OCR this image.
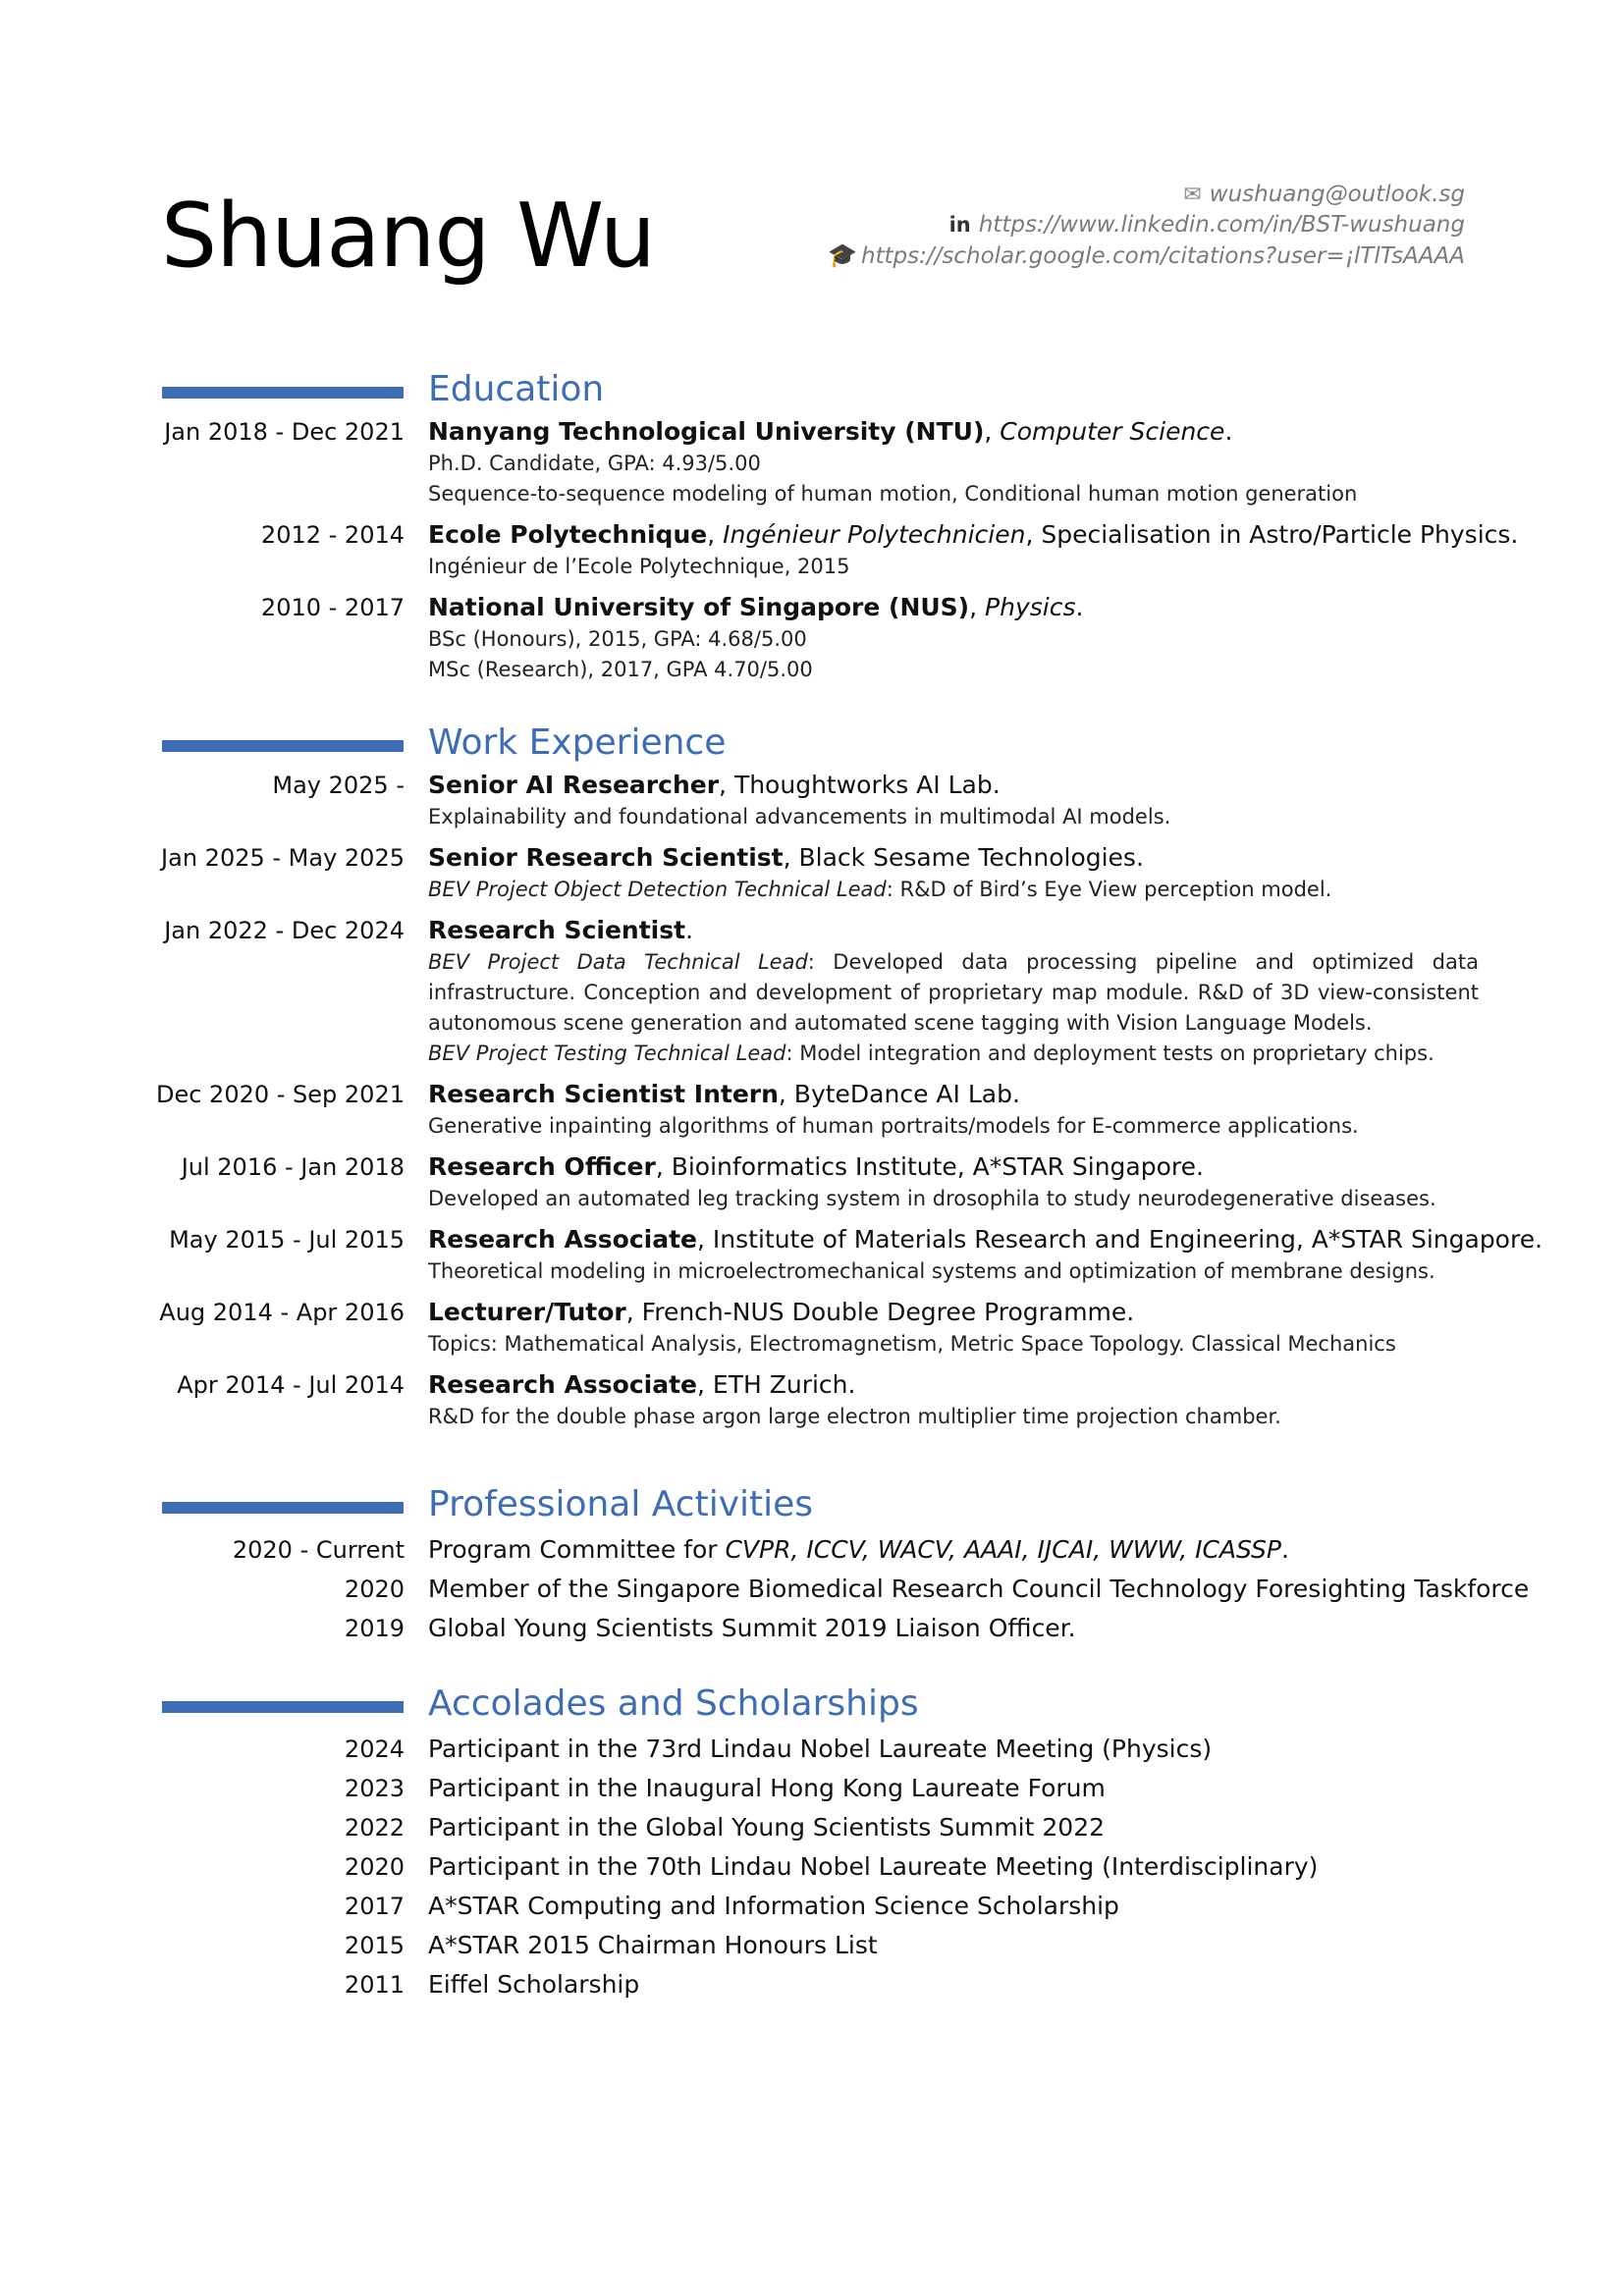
Shuang Wu	✉ wushuang@outlook.sg
in https://www.linkedin.com/in/BST-wushuang
🎓 https://scholar.google.com/citations?user=¡lTlTsAAAA
Education
Jan 2018 - Dec 2021 Nanyang Technological University (NTU), Computer Science.
Ph.D. Candidate, GPA: 4.93/5.00
Sequence-to-sequence modeling of human motion, Conditional human motion generation
2012 - 2014 Ecole Polytechnique, Ingénieur Polytechnicien, Specialisation in Astro/Particle Physics.
Ingénieur de l’Ecole Polytechnique, 2015
2010 - 2017 National University of Singapore (NUS), Physics.
BSc (Honours), 2015, GPA: 4.68/5.00
MSc (Research), 2017, GPA 4.70/5.00
Work Experience
May 2025 - Senior AI Researcher, Thoughtworks AI Lab.
Explainability and foundational advancements in multimodal AI models.
Jan 2025 - May 2025 Senior Research Scientist, Black Sesame Technologies.
BEV Project Object Detection Technical Lead: R&D of Bird’s Eye View perception model.
Jan 2022 - Dec 2024 Research Scientist.
BEV Project Data Technical Lead: Developed data processing pipeline and optimized data infrastructure. Conception and development of proprietary map module. R&D of 3D view-consistent autonomous scene generation and automated scene tagging with Vision Language Models.
BEV Project Testing Technical Lead: Model integration and deployment tests on proprietary chips.
Dec 2020 - Sep 2021 Research Scientist Intern, ByteDance AI Lab.
Generative inpainting algorithms of human portraits/models for E-commerce applications.
Jul 2016 - Jan 2018 Research Officer, Bioinformatics Institute, A*STAR Singapore.
Developed an automated leg tracking system in drosophila to study neurodegenerative diseases.
May 2015 - Jul 2015 Research Associate, Institute of Materials Research and Engineering, A*STAR Singapore.
Theoretical modeling in microelectromechanical systems and optimization of membrane designs.
Aug 2014 - Apr 2016 Lecturer/Tutor, French-NUS Double Degree Programme.
Topics: Mathematical Analysis, Electromagnetism, Metric Space Topology. Classical Mechanics
Apr 2014 - Jul 2014 Research Associate, ETH Zurich.
R&D for the double phase argon large electron multiplier time projection chamber.
Professional Activities
2020 - Current Program Committee for CVPR, ICCV, WACV, AAAI, IJCAI, WWW, ICASSP.
2020 Member of the Singapore Biomedical Research Council Technology Foresighting Taskforce
2019 Global Young Scientists Summit 2019 Liaison Officer.
Accolades and Scholarships
2024 Participant in the 73rd Lindau Nobel Laureate Meeting (Physics)
2023 Participant in the Inaugural Hong Kong Laureate Forum
2022 Participant in the Global Young Scientists Summit 2022
2020 Participant in the 70th Lindau Nobel Laureate Meeting (Interdisciplinary)
2017 A*STAR Computing and Information Science Scholarship
2015 A*STAR 2015 Chairman Honours List
2011 Eiffel Scholarship
